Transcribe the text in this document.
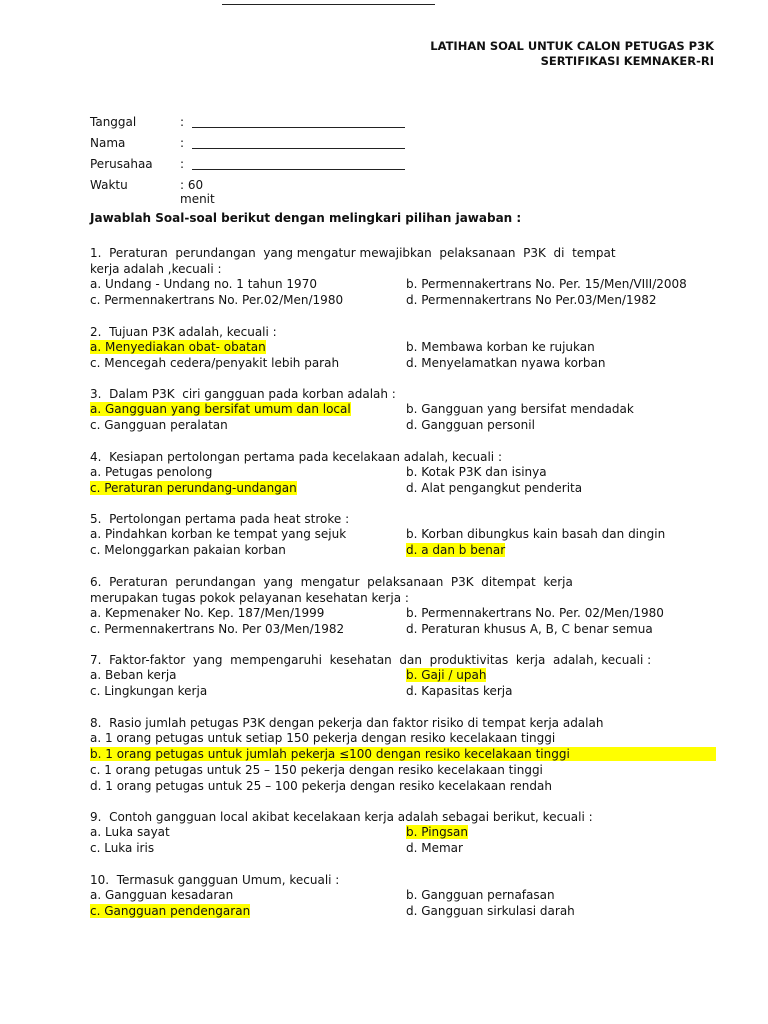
LATIHAN SOAL UNTUK CALON PETUGAS P3K
SERTIFIKASI KEMNAKER-RI
Tanggal	:
Nama	:
Perusahaa :
Waktu	: 60 menit
Jawablah Soal-soal berikut dengan melingkari pilihan jawaban :
1.  Peraturan  perundangan  yang mengatur mewajibkan  pelaksanaan  P3K  di  tempat
kerja adalah ,kecuali :
a. Undang - Undang no. 1 tahun 1970	b. Permennakertrans No. Per. 15/Men/VIII/2008
c. Permennakertrans No. Per.02/Men/1980	d. Permennakertrans No Per.03/Men/1982
2.  Tujuan P3K adalah, kecuali :
a. Menyediakan obat- obatan	b. Membawa korban ke rujukan
c. Mencegah cedera/penyakit lebih parah	d. Menyelamatkan nyawa korban
3.  Dalam P3K  ciri gangguan pada korban adalah :
a. Gangguan yang bersifat umum dan local	b. Gangguan yang bersifat mendadak
c. Gangguan peralatan	d. Gangguan personil
4.  Kesiapan pertolongan pertama pada kecelakaan adalah, kecuali :
a. Petugas penolong	b. Kotak P3K dan isinya
c. Peraturan perundang-undangan	d. Alat pengangkut penderita
5.  Pertolongan pertama pada heat stroke :
a. Pindahkan korban ke tempat yang sejuk	b. Korban dibungkus kain basah dan dingin
c. Melonggarkan pakaian korban	d. a dan b benar
6.  Peraturan  perundangan  yang  mengatur  pelaksanaan  P3K  ditempat  kerja
merupakan tugas pokok pelayanan kesehatan kerja :
a. Kepmenaker No. Kep. 187/Men/1999	b. Permennakertrans No. Per. 02/Men/1980
c. Permennakertrans No. Per 03/Men/1982	d. Peraturan khusus A, B, C benar semua
7.  Faktor-faktor  yang  mempengaruhi  kesehatan  dan  produktivitas  kerja  adalah, kecuali :
a. Beban kerja	b. Gaji / upah
c. Lingkungan kerja	d. Kapasitas kerja
8.  Rasio jumlah petugas P3K dengan pekerja dan faktor risiko di tempat kerja adalah
a. 1 orang petugas untuk setiap 150 pekerja dengan resiko kecelakaan tinggi
b. 1 orang petugas untuk jumlah pekerja ≤100 dengan resiko kecelakaan tinggi
c. 1 orang petugas untuk 25 – 150 pekerja dengan resiko kecelakaan tinggi
d. 1 orang petugas untuk 25 – 100 pekerja dengan resiko kecelakaan rendah
9.  Contoh gangguan local akibat kecelakaan kerja adalah sebagai berikut, kecuali :
a. Luka sayat	b. Pingsan
c. Luka iris	d. Memar
10.  Termasuk gangguan Umum, kecuali :
a. Gangguan kesadaran	b. Gangguan pernafasan
c. Gangguan pendengaran	d. Gangguan sirkulasi darah
